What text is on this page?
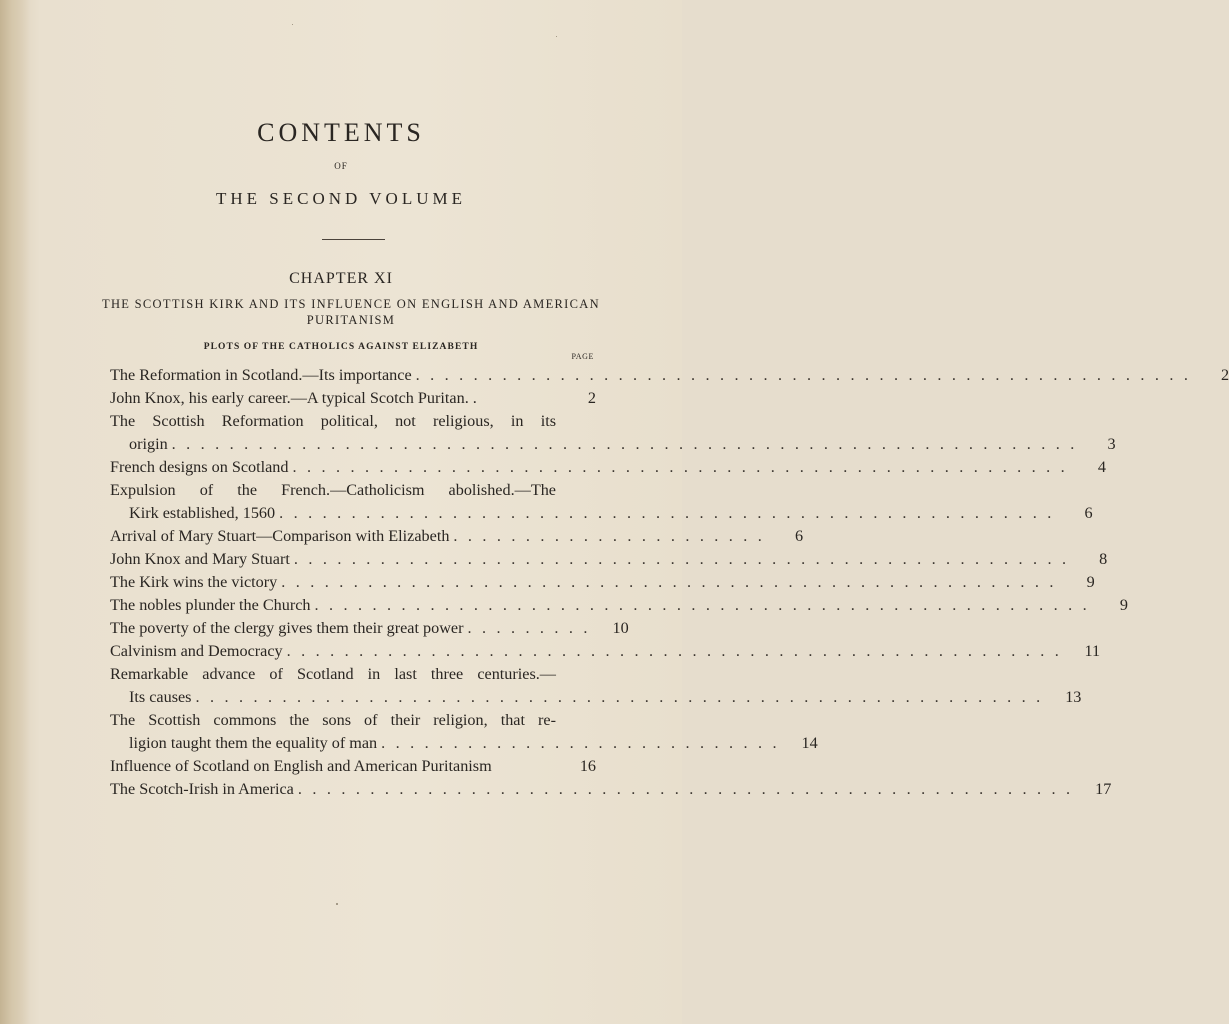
CONTENTS
OF
THE SECOND VOLUME
CHAPTER XI
THE SCOTTISH KIRK AND ITS INFLUENCE ON ENGLISH AND AMERICAN PURITANISM
PLOTS OF THE CATHOLICS AGAINST ELIZABETH
PAGE
The Reformation in Scotland.—Its importance . . . . . . . . . . . . . . . . . . . . . . . . . . . . . . . . . . . . . . . . . . . . . . . . . . . . . .	2
John Knox, his early career.—A typical Scotch Puritan. .	2
The Scottish Reformation political, not religious, in its
origin . . . . . . . . . . . . . . . . . . . . . . . . . . . . . . . . . . . . . . . . . . . . . . . . . . . . . . . . . . . . . . .	3
French designs on Scotland . . . . . . . . . . . . . . . . . . . . . . . . . . . . . . . . . . . . . . . . . . . . . . . . . . . . . .	4
Expulsion of the French.—Catholicism abolished.—The
Kirk established, 1560 . . . . . . . . . . . . . . . . . . . . . . . . . . . . . . . . . . . . . . . . . . . . . . . . . . . . . .	6
Arrival of Mary Stuart—Comparison with Elizabeth . . . . . . . . . . . . . . . . . . . . . .	6
John Knox and Mary Stuart . . . . . . . . . . . . . . . . . . . . . . . . . . . . . . . . . . . . . . . . . . . . . . . . . . . . . .	8
The Kirk wins the victory . . . . . . . . . . . . . . . . . . . . . . . . . . . . . . . . . . . . . . . . . . . . . . . . . . . . . .	9
The nobles plunder the Church . . . . . . . . . . . . . . . . . . . . . . . . . . . . . . . . . . . . . . . . . . . . . . . . . . . . . .	9
The poverty of the clergy gives them their great power . . . . . . . . .	10
Calvinism and Democracy . . . . . . . . . . . . . . . . . . . . . . . . . . . . . . . . . . . . . . . . . . . . . . . . . . . . . .	11
Remarkable advance of Scotland in last three centuries.—
Its causes . . . . . . . . . . . . . . . . . . . . . . . . . . . . . . . . . . . . . . . . . . . . . . . . . . . . . . . . . . .	13
The Scottish commons the sons of their religion, that re-
ligion taught them the equality of man . . . . . . . . . . . . . . . . . . . . . . . . . . . .	14
Influence of Scotland on English and American Puritanism	16
The Scotch-Irish in America . . . . . . . . . . . . . . . . . . . . . . . . . . . . . . . . . . . . . . . . . . . . . . . . . . . . . .	17
